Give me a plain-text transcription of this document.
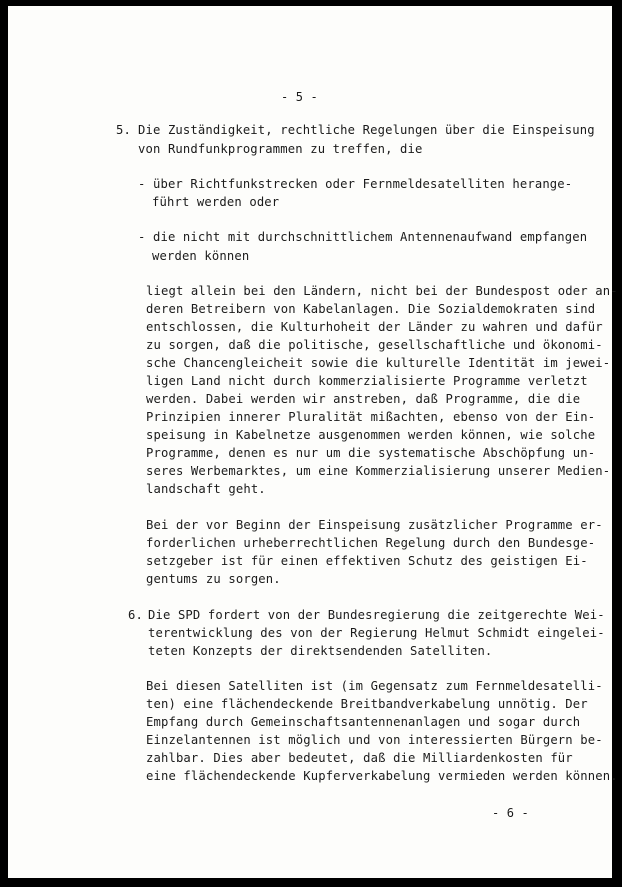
- 5 -
5. Die Zuständigkeit, rechtliche Regelungen über die Einspeisung
von Rundfunkprogrammen zu treffen, die
- über Richtfunkstrecken oder Fernmeldesatelliten herange-
führt werden oder
- die nicht mit durchschnittlichem Antennenaufwand empfangen
werden können
liegt allein bei den Ländern, nicht bei der Bundespost oder an-
deren Betreibern von Kabelanlagen. Die Sozialdemokraten sind
entschlossen, die Kulturhoheit der Länder zu wahren und dafür
zu sorgen, daß die politische, gesellschaftliche und ökonomi-
sche Chancengleicheit sowie die kulturelle Identität im jewei-
ligen Land nicht durch kommerzialisierte Programme verletzt
werden. Dabei werden wir anstreben, daß Programme, die die
Prinzipien innerer Pluralität mißachten, ebenso von der Ein-
speisung in Kabelnetze ausgenommen werden können, wie solche
Programme, denen es nur um die systematische Abschöpfung un-
seres Werbemarktes, um eine Kommerzialisierung unserer Medien-
landschaft geht.
Bei der vor Beginn der Einspeisung zusätzlicher Programme er-
forderlichen urheberrechtlichen Regelung durch den Bundesge-
setzgeber ist für einen effektiven Schutz des geistigen Ei-
gentums zu sorgen.
6. Die SPD fordert von der Bundesregierung die zeitgerechte Wei-
terentwicklung des von der Regierung Helmut Schmidt eingelei-
teten Konzepts der direktsendenden Satelliten.
Bei diesen Satelliten ist (im Gegensatz zum Fernmeldesatelli-
ten) eine flächendeckende Breitbandverkabelung unnötig. Der
Empfang durch Gemeinschaftsantennenanlagen und sogar durch
Einzelantennen ist möglich und von interessierten Bürgern be-
zahlbar. Dies aber bedeutet, daß die Milliardenkosten für
eine flächendeckende Kupferverkabelung vermieden werden können.
- 6 -
